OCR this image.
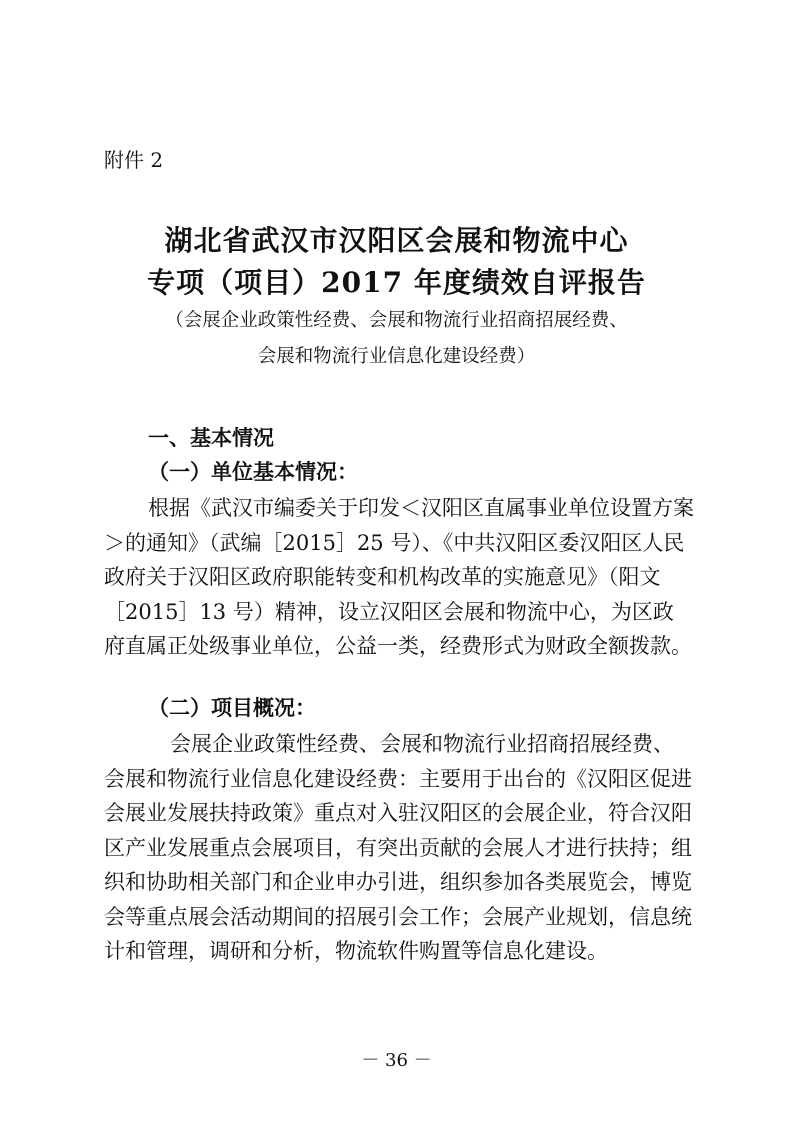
附件 2

湖北省武汉市汉阳区会展和物流中心
专项（项目）2017 年度绩效自评报告

（会展企业政策性经费、会展和物流行业招商招展经费、

会展和物流行业信息化建设经费）

一、基本情况
（一）单位基本情况：

根据《武汉市编委关于印发＜汉阳区直属事业单位设置方案＞的通知》（武编［2015］25 号）、《中共汉阳区委汉阳区人民政府关于汉阳区政府职能转变和机构改革的实施意见》（阳文［2015］13 号）精神，设立汉阳区会展和物流中心，为区政府直属正处级事业单位，公益一类，经费形式为财政全额拨款。

（二）项目概况：

会展企业政策性经费、会展和物流行业招商招展经费、会展和物流行业信息化建设经费：主要用于出台的《汉阳区促进会展业发展扶持政策》重点对入驻汉阳区的会展企业，符合汉阳区产业发展重点会展项目，有突出贡献的会展人才进行扶持；组织和协助相关部门和企业申办引进，组织参加各类展览会，博览会等重点展会活动期间的招展引会工作；会展产业规划，信息统计和管理，调研和分析，物流软件购置等信息化建设。

－ 36 －
